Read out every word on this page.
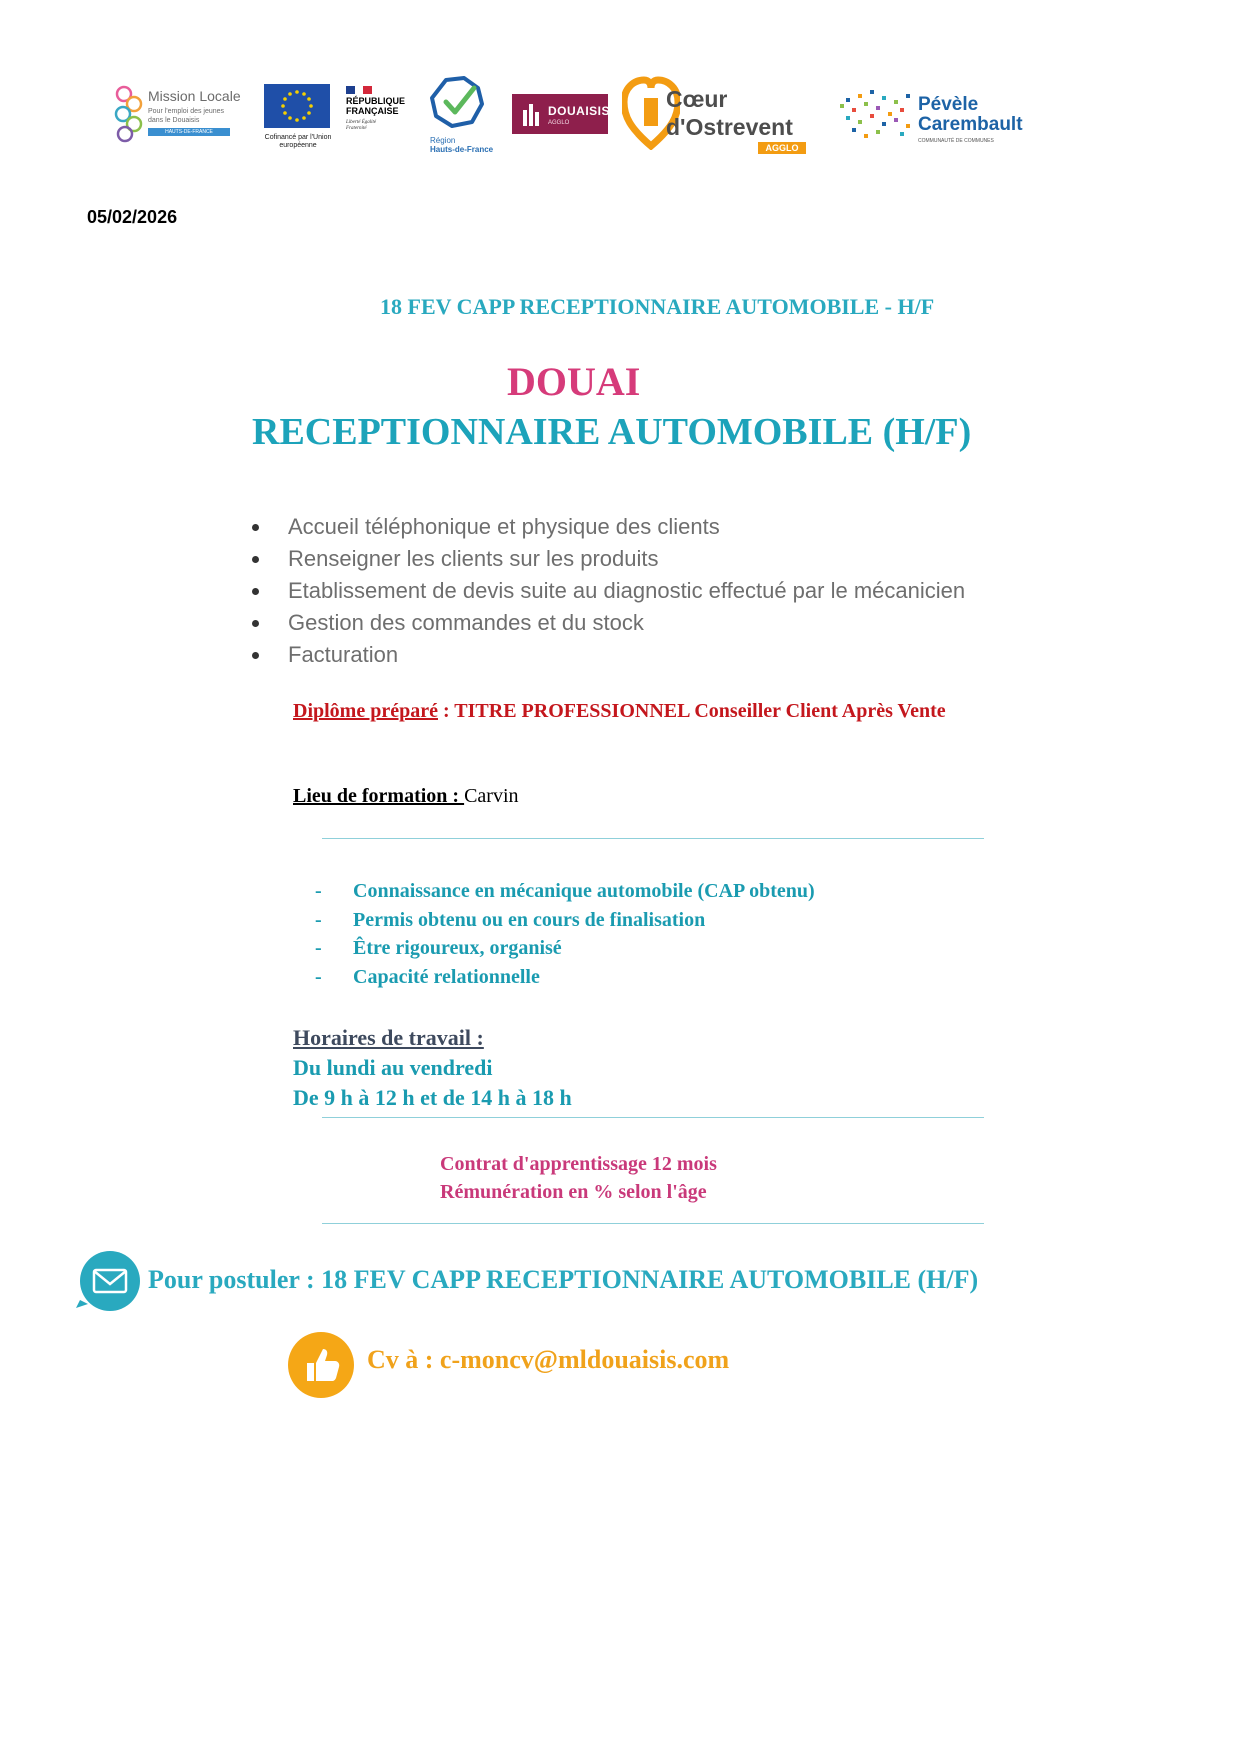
Mission Locale
Pour l'emploi des jeunes
dans le Douaisis
HAUTS-DE-FRANCE
Cofinancé par l'Union européenne
RÉPUBLIQUE
FRANÇAISE
Liberté Égalité Fraternité
Région
Hauts-de-France
DOUAISIS
AGGLO
Cœur
d'Ostrevent
AGGLO
Pévèle
Carembault
COMMUNAUTÉ DE COMMUNES
05/02/2026
18 FEV CAPP RECEPTIONNAIRE AUTOMOBILE - H/F
DOUAI
RECEPTIONNAIRE AUTOMOBILE (H/F)
Accueil téléphonique et physique des clients
Renseigner les clients sur les produits
Etablissement de devis suite au diagnostic effectué par le mécanicien
Gestion des commandes et du stock
Facturation
Diplôme préparé : TITRE PROFESSIONNEL Conseiller Client Après Vente
Lieu de formation : Carvin
- Connaissance en mécanique automobile (CAP obtenu)
- Permis obtenu ou en cours de finalisation
- Être rigoureux, organisé
- Capacité relationnelle
Horaires de travail :
Du lundi au vendredi
De 9 h à 12 h et de 14 h à 18 h
Contrat d'apprentissage 12 mois
Rémunération en % selon l'âge
Pour postuler : 18 FEV CAPP RECEPTIONNAIRE AUTOMOBILE (H/F)
Cv à : c-moncv@mldouaisis.com
